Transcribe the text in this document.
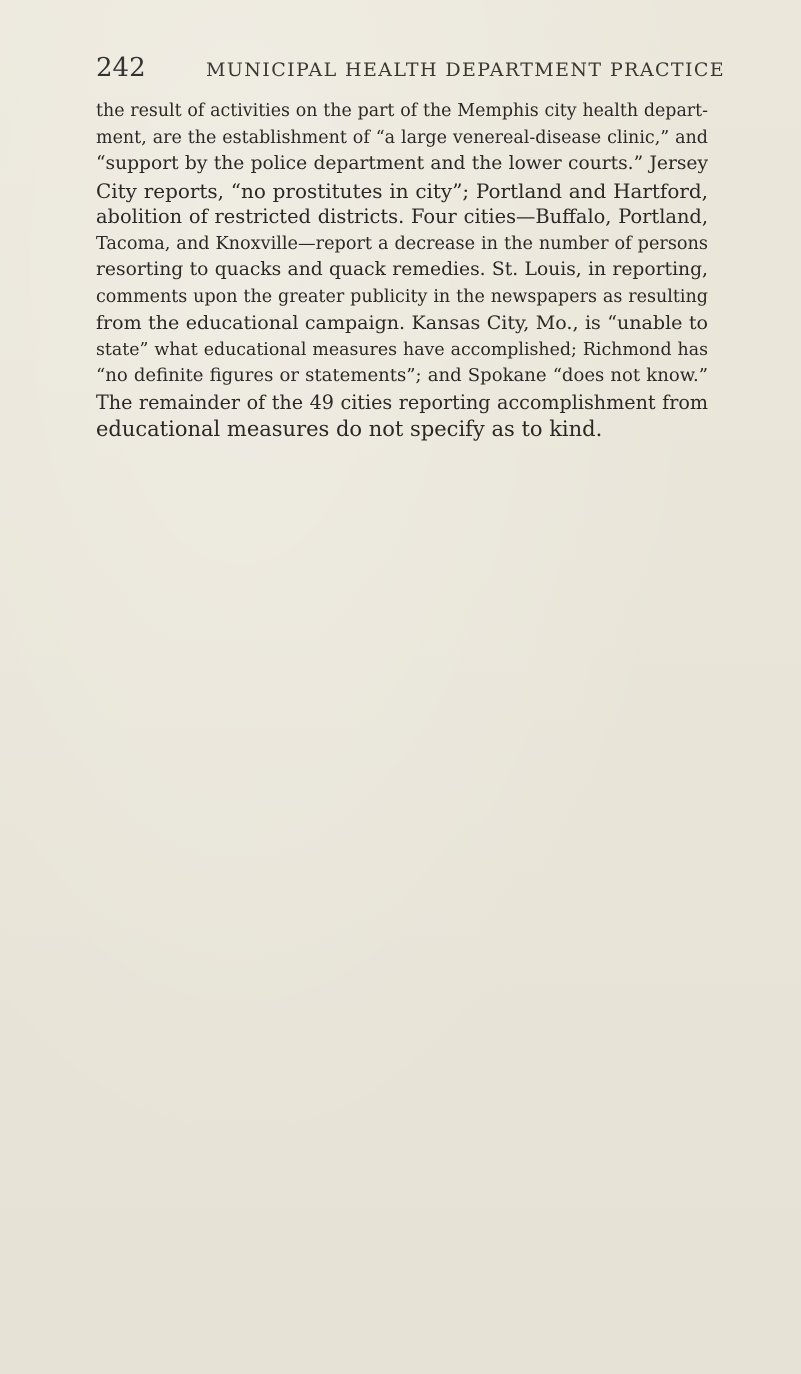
242	MUNICIPAL HEALTH DEPARTMENT PRACTICE
the result of activities on the part of the Memphis city health depart-
ment, are the establishment of “a large venereal-disease clinic,” and
“support by the police department and the lower courts.” Jersey
City reports, “no prostitutes in city”; Portland and Hartford,
abolition of restricted districts. Four cities—Buffalo, Portland,
Tacoma, and Knoxville—report a decrease in the number of persons
resorting to quacks and quack remedies. St. Louis, in reporting,
comments upon the greater publicity in the newspapers as resulting
from the educational campaign. Kansas City, Mo., is “unable to
state” what educational measures have accomplished; Richmond has
“no definite figures or statements”; and Spokane “does not know.”
The remainder of the 49 cities reporting accomplishment from
educational measures do not specify as to kind.
